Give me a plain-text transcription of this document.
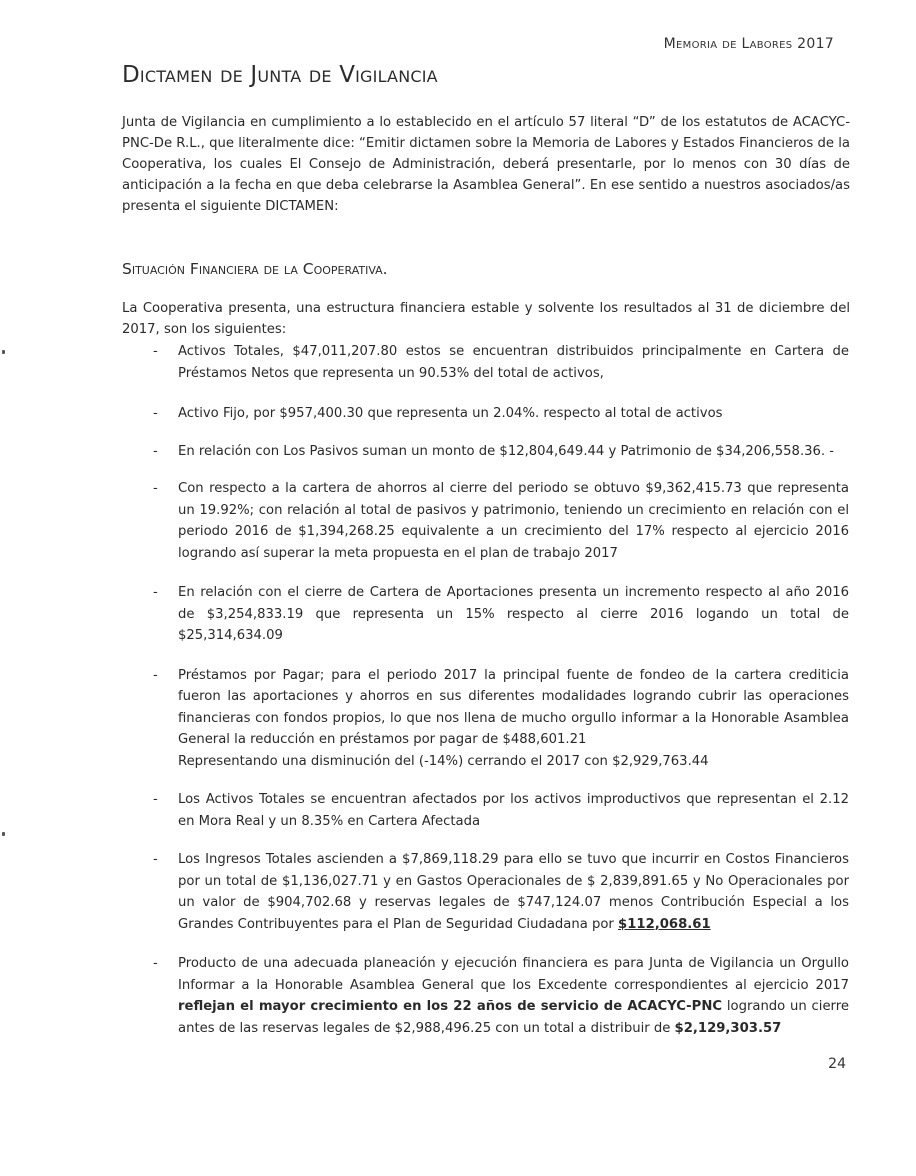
Memoria de Labores 2017
Dictamen de Junta de Vigilancia

Junta de Vigilancia en cumplimiento a lo establecido en el artículo 57 literal “D” de los estatutos de ACACYC-PNC-De R.L., que literalmente dice: “Emitir dictamen sobre la Memoria de Labores y Estados Financieros de la Cooperativa, los cuales El Consejo de Administración, deberá presentarle, por lo menos con 30 días de anticipación a la fecha en que deba celebrarse la Asamblea General”. En ese sentido a nuestros asociados/as presenta el siguiente DICTAMEN:

Situación Financiera de la Cooperativa.

La Cooperativa presenta, una estructura financiera estable y solvente los resultados al 31 de diciembre del 2017, son los siguientes:

- Activos Totales, $47,011,207.80 estos se encuentran distribuidos principalmente en Cartera de Préstamos Netos que representa un 90.53% del total de activos,
- Activo Fijo, por $957,400.30 que representa un 2.04%. respecto al total de activos
- En relación con Los Pasivos suman un monto de $12,804,649.44 y Patrimonio de $34,206,558.36. -
- Con respecto a la cartera de ahorros al cierre del periodo se obtuvo $9,362,415.73 que representa un 19.92%; con relación al total de pasivos y patrimonio, teniendo un crecimiento en relación con el periodo 2016 de $1,394,268.25 equivalente a un crecimiento del 17% respecto al ejercicio 2016 logrando así superar la meta propuesta en el plan de trabajo 2017
- En relación con el cierre de Cartera de Aportaciones presenta un incremento respecto al año 2016 de $3,254,833.19 que representa un 15% respecto al cierre 2016 logando un total de $25,314,634.09
- Préstamos por Pagar; para el periodo 2017 la principal fuente de fondeo de la cartera crediticia fueron las aportaciones y ahorros en sus diferentes modalidades logrando cubrir las operaciones financieras con fondos propios, lo que nos llena de mucho orgullo informar a la Honorable Asamblea General la reducción en préstamos por pagar de $488,601.21
Representando una disminución del (-14%) cerrando el 2017 con $2,929,763.44
- Los Activos Totales se encuentran afectados por los activos improductivos que representan el 2.12 en Mora Real y un 8.35% en Cartera Afectada
- Los Ingresos Totales ascienden a $7,869,118.29 para ello se tuvo que incurrir en Costos Financieros por un total de $1,136,027.71 y en Gastos Operacionales de $ 2,839,891.65 y No Operacionales por un valor de $904,702.68 y reservas legales de $747,124.07 menos Contribución Especial a los Grandes Contribuyentes para el Plan de Seguridad Ciudadana por $112,068.61
- Producto de una adecuada planeación y ejecución financiera es para Junta de Vigilancia un Orgullo Informar a la Honorable Asamblea General que los Excedente correspondientes al ejercicio 2017 reflejan el mayor crecimiento en los 22 años de servicio de ACACYC-PNC logrando un cierre antes de las reservas legales de $2,988,496.25 con un total a distribuir de $2,129,303.57
24
